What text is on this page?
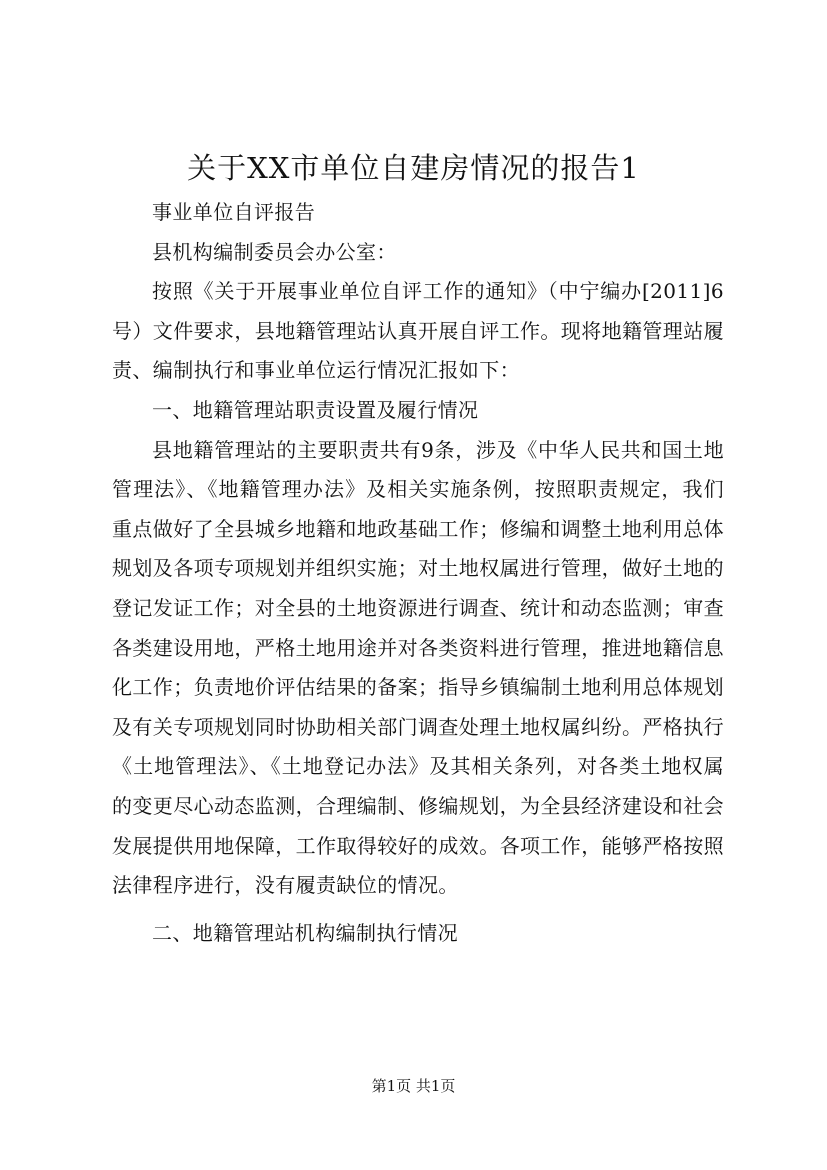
关于XX市单位自建房情况的报告1

事业单位自评报告

县机构编制委员会办公室：

按照《关于开展事业单位自评工作的通知》（中宁编办[2011]6号）文件要求，县地籍管理站认真开展自评工作。现将地籍管理站履责、编制执行和事业单位运行情况汇报如下：

一、地籍管理站职责设置及履行情况

县地籍管理站的主要职责共有9条，涉及《中华人民共和国土地管理法》、《地籍管理办法》及相关实施条例，按照职责规定，我们重点做好了全县城乡地籍和地政基础工作；修编和调整土地利用总体规划及各项专项规划并组织实施；对土地权属进行管理，做好土地的登记发证工作；对全县的土地资源进行调查、统计和动态监测；审查各类建设用地，严格土地用途并对各类资料进行管理，推进地籍信息化工作；负责地价评估结果的备案；指导乡镇编制土地利用总体规划及有关专项规划同时协助相关部门调查处理土地权属纠纷。严格执行《土地管理法》、《土地登记办法》及其相关条列，对各类土地权属的变更尽心动态监测，合理编制、修编规划，为全县经济建设和社会发展提供用地保障，工作取得较好的成效。各项工作，能够严格按照法律程序进行，没有履责缺位的情况。

二、地籍管理站机构编制执行情况

第1页 共1页
